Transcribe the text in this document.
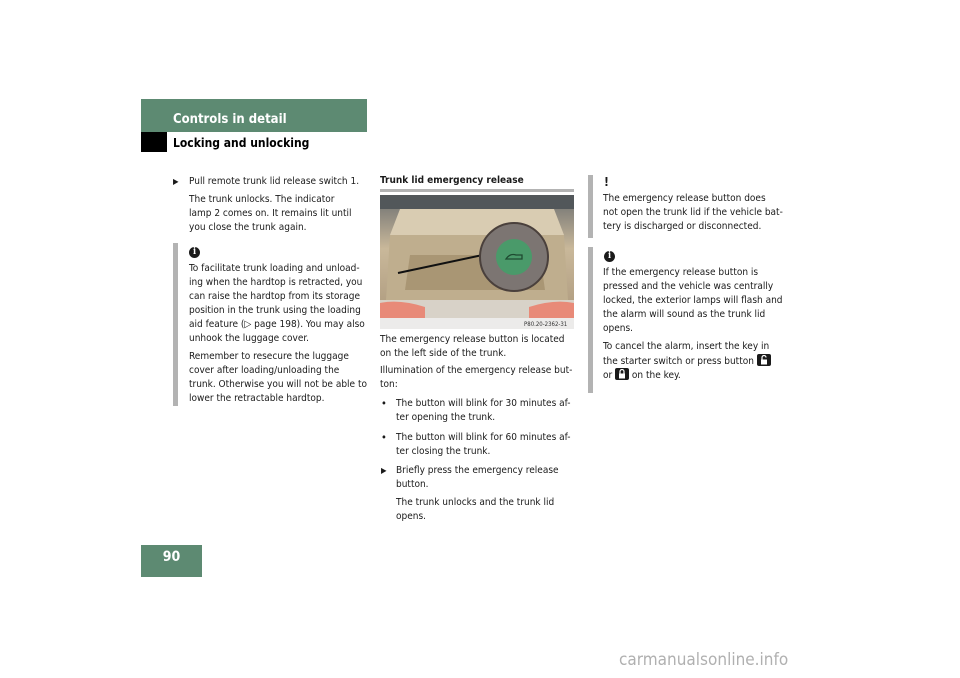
Controls in detail
Locking and unlocking
▶ Pull remote trunk lid release switch 1.
The trunk unlocks. The indicator
lamp 2 comes on. It remains lit until
you close the trunk again.
i
To facilitate trunk loading and unload-
ing when the hardtop is retracted, you
can raise the hardtop from its storage
position in the trunk using the loading
aid feature (▷ page 198). You may also
unhook the luggage cover.
Remember to resecure the luggage
cover after loading/unloading the
trunk. Otherwise you will not be able to
lower the retractable hardtop.
Trunk lid emergency release
P80.20-2362-31
The emergency release button is located
on the left side of the trunk.
Illumination of the emergency release but-
ton:
• The button will blink for 30 minutes af-
ter opening the trunk.
• The button will blink for 60 minutes af-
ter closing the trunk.
▶ Briefly press the emergency release
button.
The trunk unlocks and the trunk lid
opens.
!
The emergency release button does
not open the trunk lid if the vehicle bat-
tery is discharged or disconnected.
i
If the emergency release button is
pressed and the vehicle was centrally
locked, the exterior lamps will flash and
the alarm will sound as the trunk lid
opens.
To cancel the alarm, insert the key in
the starter switch or press button
or on the key.
90
carmanualsonline.info
